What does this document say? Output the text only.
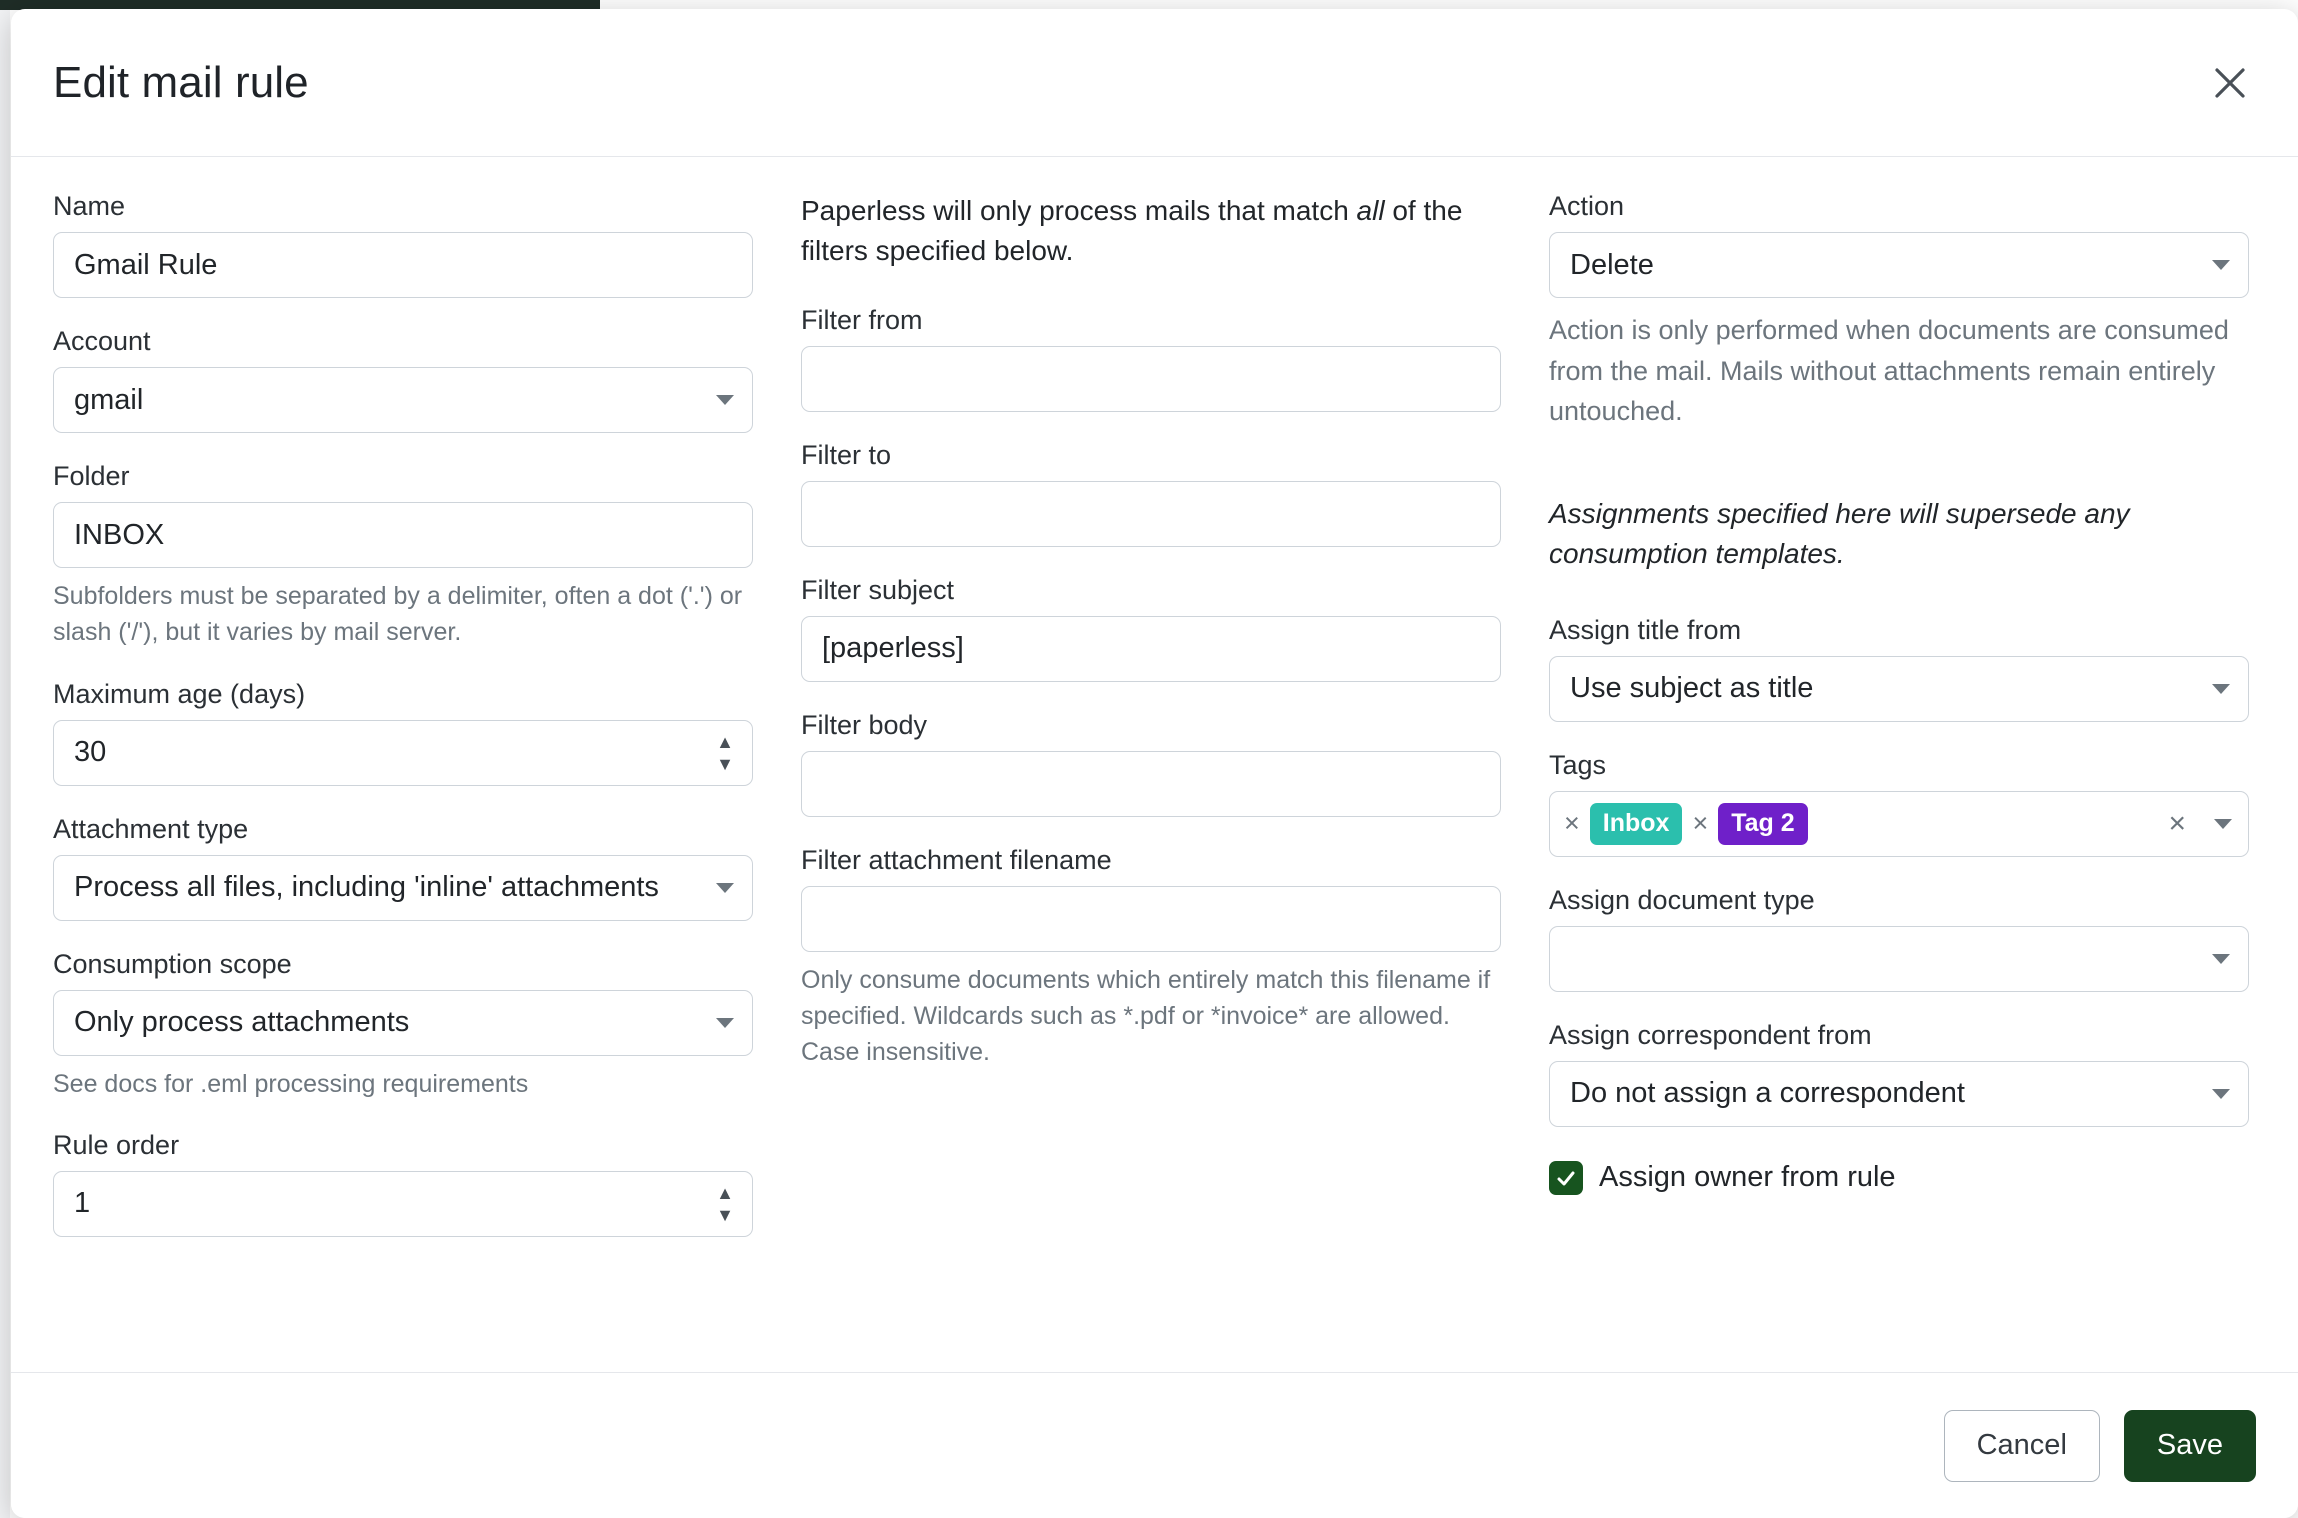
Edit mail rule
Name
Gmail Rule
Account
gmail
Folder
INBOX
Subfolders must be separated by a delimiter, often a dot ('.') or slash ('/'), but it varies by mail server.
Maximum age (days)
30	▲
▼
Attachment type
Process all files, including 'inline' attachments
Consumption scope
Only process attachments
See docs for .eml processing requirements
Rule order
1	▲
▼

Paperless will only process mails that match all of the filters specified below.

Filter from
Filter to
Filter subject
[paperless]
Filter body
Filter attachment filename
Only consume documents which entirely match this filename if specified. Wildcards such as *.pdf or *invoice* are allowed. Case insensitive.
Action
Delete
Action is only performed when documents are consumed from the mail. Mails without attachments remain entirely untouched.

Assignments specified here will supersede any consumption templates.

Assign title from
Use subject as title
Tags
× Inbox × Tag 2	×
Assign document type
Assign correspondent from
Do not assign a correspondent
Assign owner from rule
Cancel	Save
